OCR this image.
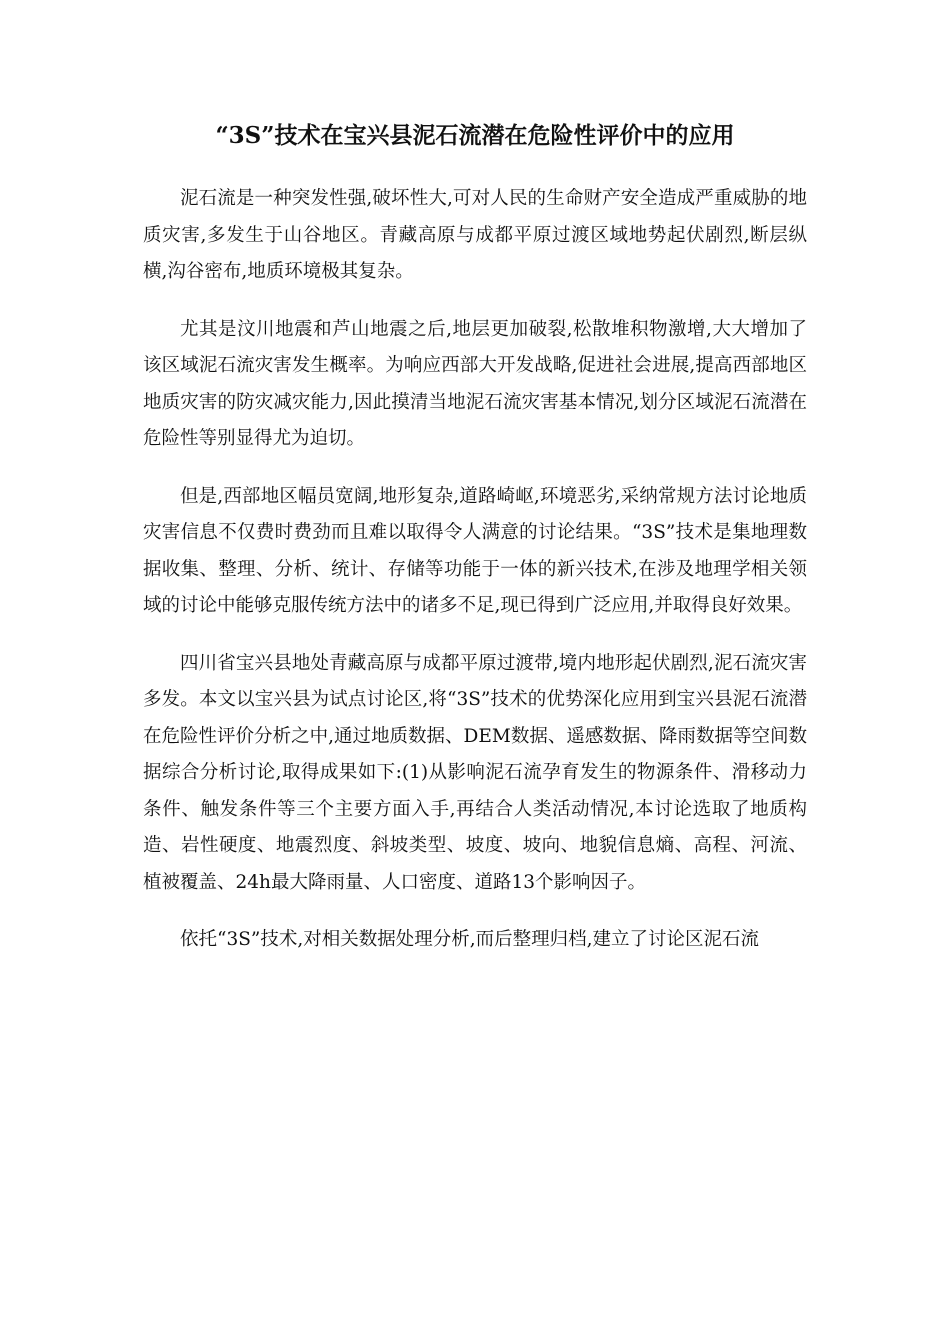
“3S”技术在宝兴县泥石流潜在危险性评价中的应用

泥石流是一种突发性强,破坏性大,可对人民的生命财产安全造成严重威胁的地质灾害,多发生于山谷地区。青藏高原与成都平原过渡区域地势起伏剧烈,断层纵横,沟谷密布,地质环境极其复杂。

尤其是汶川地震和芦山地震之后,地层更加破裂,松散堆积物激增,大大增加了该区域泥石流灾害发生概率。为响应西部大开发战略,促进社会进展,提高西部地区地质灾害的防灾减灾能力,因此摸清当地泥石流灾害基本情况,划分区域泥石流潜在危险性等别显得尤为迫切。

但是,西部地区幅员宽阔,地形复杂,道路崎岖,环境恶劣,采纳常规方法讨论地质灾害信息不仅费时费劲而且难以取得令人满意的讨论结果。“3S”技术是集地理数据收集、整理、分析、统计、存储等功能于一体的新兴技术,在涉及地理学相关领域的讨论中能够克服传统方法中的诸多不足,现已得到广泛应用,并取得良好效果。

四川省宝兴县地处青藏高原与成都平原过渡带,境内地形起伏剧烈,泥石流灾害多发。本文以宝兴县为试点讨论区,将“3S”技术的优势深化应用到宝兴县泥石流潜在危险性评价分析之中,通过地质数据、DEM数据、遥感数据、降雨数据等空间数据综合分析讨论,取得成果如下:(1)从影响泥石流孕育发生的物源条件、滑移动力条件、触发条件等三个主要方面入手,再结合人类活动情况,本讨论选取了地质构造、岩性硬度、地震烈度、斜坡类型、坡度、坡向、地貌信息熵、高程、河流、植被覆盖、24h最大降雨量、人口密度、道路13个影响因子。

依托“3S”技术,对相关数据处理分析,而后整理归档,建立了讨论区泥石流
